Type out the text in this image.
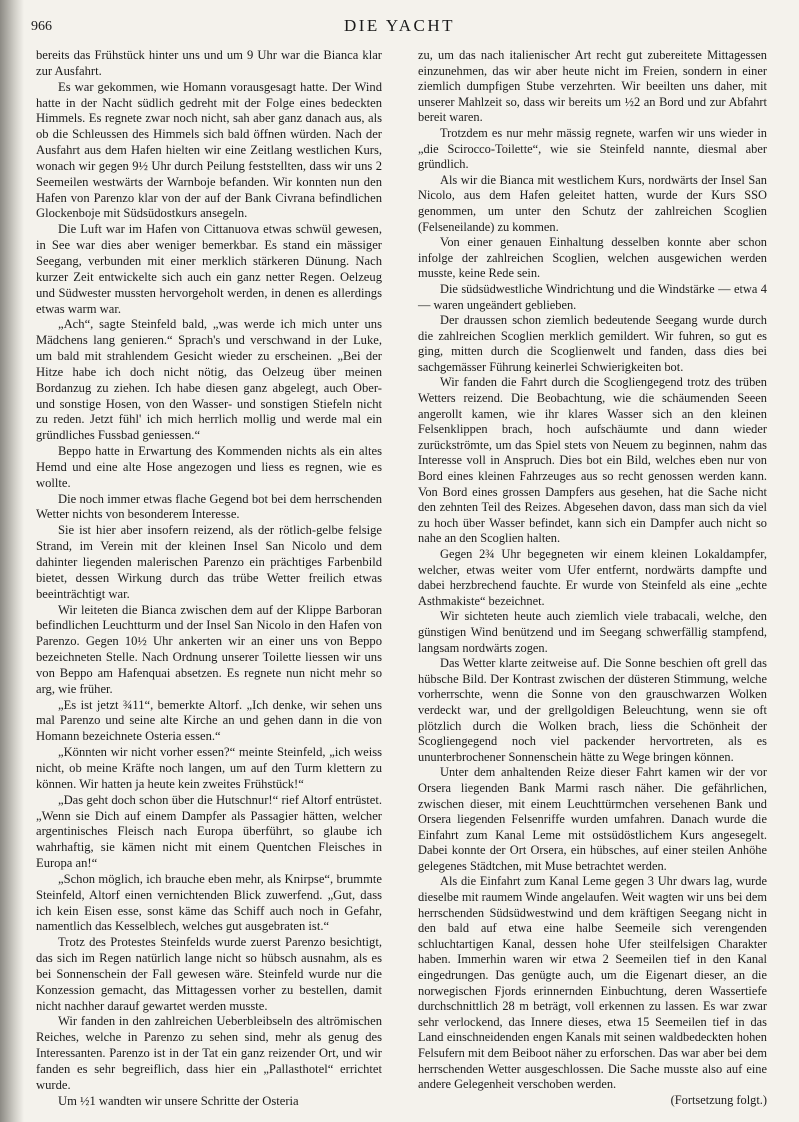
966	DIE YACHT

bereits das Frühstück hinter uns und um 9 Uhr war die Bianca klar zur Ausfahrt.

Es war gekommen, wie Homann vorausgesagt hatte. Der Wind hatte in der Nacht südlich gedreht mit der Folge eines bedeckten Himmels. Es regnete zwar noch nicht, sah aber ganz danach aus, als ob die Schleussen des Himmels sich bald öffnen würden. Nach der Ausfahrt aus dem Hafen hielten wir eine Zeitlang westlichen Kurs, wonach wir gegen 9½ Uhr durch Peilung feststellten, dass wir uns 2 Seemeilen westwärts der Warnboje befanden. Wir konnten nun den Hafen von Parenzo klar von der auf der Bank Civrana befindlichen Glockenboje mit Südsüdostkurs ansegeln.

Die Luft war im Hafen von Cittanuova etwas schwül gewesen, in See war dies aber weniger bemerkbar. Es stand ein mässiger Seegang, verbunden mit einer merklich stärkeren Dünung. Nach kurzer Zeit entwickelte sich auch ein ganz netter Regen. Oelzeug und Südwester mussten hervorgeholt werden, in denen es allerdings etwas warm war.

„Ach“, sagte Steinfeld bald, „was werde ich mich unter uns Mädchens lang genieren.“ Sprach's und verschwand in der Luke, um bald mit strahlendem Gesicht wieder zu erscheinen. „Bei der Hitze habe ich doch nicht nötig, das Oelzeug über meinen Bordanzug zu ziehen. Ich habe diesen ganz abgelegt, auch Ober- und sonstige Hosen, von den Wasser- und sonstigen Stiefeln nicht zu reden. Jetzt fühl' ich mich herrlich mollig und werde mal ein gründliches Fussbad geniessen.“

Beppo hatte in Erwartung des Kommenden nichts als ein altes Hemd und eine alte Hose angezogen und liess es regnen, wie es wollte.

Die noch immer etwas flache Gegend bot bei dem herrschenden Wetter nichts von besonderem Interesse.

Sie ist hier aber insofern reizend, als der rötlich-gelbe felsige Strand, im Verein mit der kleinen Insel San Nicolo und dem dahinter liegenden malerischen Parenzo ein prächtiges Farbenbild bietet, dessen Wirkung durch das trübe Wetter freilich etwas beeinträchtigt war.

Wir leiteten die Bianca zwischen dem auf der Klippe Barboran befindlichen Leuchtturm und der Insel San Nicolo in den Hafen von Parenzo. Gegen 10½ Uhr ankerten wir an einer uns von Beppo bezeichneten Stelle. Nach Ordnung unserer Toilette liessen wir uns von Beppo am Hafenquai absetzen. Es regnete nun nicht mehr so arg, wie früher.

„Es ist jetzt ¾11“, bemerkte Altorf. „Ich denke, wir sehen uns mal Parenzo und seine alte Kirche an und gehen dann in die von Homann bezeichnete Osteria essen.“

„Könnten wir nicht vorher essen?“ meinte Steinfeld, „ich weiss nicht, ob meine Kräfte noch langen, um auf den Turm klettern zu können. Wir hatten ja heute kein zweites Frühstück!“

„Das geht doch schon über die Hutschnur!“ rief Altorf entrüstet. „Wenn sie Dich auf einem Dampfer als Passagier hätten, welcher argentinisches Fleisch nach Europa überführt, so glaube ich wahrhaftig, sie kämen nicht mit einem Quentchen Fleisches in Europa an!“

„Schon möglich, ich brauche eben mehr, als Knirpse“, brummte Steinfeld, Altorf einen vernichtenden Blick zuwerfend. „Gut, dass ich kein Eisen esse, sonst käme das Schiff auch noch in Gefahr, namentlich das Kesselblech, welches gut ausgebraten ist.“

Trotz des Protestes Steinfelds wurde zuerst Parenzo besichtigt, das sich im Regen natürlich lange nicht so hübsch ausnahm, als es bei Sonnenschein der Fall gewesen wäre. Steinfeld wurde nur die Konzession gemacht, das Mittagessen vorher zu bestellen, damit nicht nachher darauf gewartet werden musste.

Wir fanden in den zahlreichen Ueberbleibseln des altrömischen Reiches, welche in Parenzo zu sehen sind, mehr als genug des Interessanten. Parenzo ist in der Tat ein ganz reizender Ort, und wir fanden es sehr begreiflich, dass hier ein „Pallasthotel“ errichtet wurde.

Um ½1 wandten wir unsere Schritte der Osteria

zu, um das nach italienischer Art recht gut zubereitete Mittagessen einzunehmen, das wir aber heute nicht im Freien, sondern in einer ziemlich dumpfigen Stube verzehrten. Wir beeilten uns daher, mit unserer Mahlzeit so, dass wir bereits um ½2 an Bord und zur Abfahrt bereit waren.

Trotzdem es nur mehr mässig regnete, warfen wir uns wieder in „die Scirocco-Toilette“, wie sie Steinfeld nannte, diesmal aber gründlich.

Als wir die Bianca mit westlichem Kurs, nordwärts der Insel San Nicolo, aus dem Hafen geleitet hatten, wurde der Kurs SSO genommen, um unter den Schutz der zahlreichen Scoglien (Felseneilande) zu kommen.

Von einer genauen Einhaltung desselben konnte aber schon infolge der zahlreichen Scoglien, welchen ausgewichen werden musste, keine Rede sein.

Die südsüdwestliche Windrichtung und die Windstärke — etwa 4 — waren ungeändert geblieben.

Der draussen schon ziemlich bedeutende Seegang wurde durch die zahlreichen Scoglien merklich gemildert. Wir fuhren, so gut es ging, mitten durch die Scoglienwelt und fanden, dass dies bei sachgemässer Führung keinerlei Schwierigkeiten bot.

Wir fanden die Fahrt durch die Scogliengegend trotz des trüben Wetters reizend. Die Beobachtung, wie die schäumenden Seeen angerollt kamen, wie ihr klares Wasser sich an den kleinen Felsenklippen brach, hoch aufschäumte und dann wieder zurückströmte, um das Spiel stets von Neuem zu beginnen, nahm das Interesse voll in Anspruch. Dies bot ein Bild, welches eben nur von Bord eines kleinen Fahrzeuges aus so recht genossen werden kann. Von Bord eines grossen Dampfers aus gesehen, hat die Sache nicht den zehnten Teil des Reizes. Abgesehen davon, dass man sich da viel zu hoch über Wasser befindet, kann sich ein Dampfer auch nicht so nahe an den Scoglien halten.

Gegen 2¾ Uhr begegneten wir einem kleinen Lokaldampfer, welcher, etwas weiter vom Ufer entfernt, nordwärts dampfte und dabei herzbrechend fauchte. Er wurde von Steinfeld als eine „echte Asthmakiste“ bezeichnet.

Wir sichteten heute auch ziemlich viele trabacali, welche, den günstigen Wind benützend und im Seegang schwerfällig stampfend, langsam nordwärts zogen.

Das Wetter klarte zeitweise auf. Die Sonne beschien oft grell das hübsche Bild. Der Kontrast zwischen der düsteren Stimmung, welche vorherrschte, wenn die Sonne von den grauschwarzen Wolken verdeckt war, und der grellgoldigen Beleuchtung, wenn sie oft plötzlich durch die Wolken brach, liess die Schönheit der Scogliengegend noch viel packender hervortreten, als es ununterbrochener Sonnenschein hätte zu Wege bringen können.

Unter dem anhaltenden Reize dieser Fahrt kamen wir der vor Orsera liegenden Bank Marmi rasch näher. Die gefährlichen, zwischen dieser, mit einem Leuchttürmchen versehenen Bank und Orsera liegenden Felsenriffe wurden umfahren. Danach wurde die Einfahrt zum Kanal Leme mit ostsüdöstlichem Kurs angesegelt. Dabei konnte der Ort Orsera, ein hübsches, auf einer steilen Anhöhe gelegenes Städtchen, mit Muse betrachtet werden.

Als die Einfahrt zum Kanal Leme gegen 3 Uhr dwars lag, wurde dieselbe mit raumem Winde angelaufen. Weit wagten wir uns bei dem herrschenden Südsüdwestwind und dem kräftigen Seegang nicht in den bald auf etwa eine halbe Seemeile sich verengenden schluchtartigen Kanal, dessen hohe Ufer steilfelsigen Charakter haben. Immerhin waren wir etwa 2 Seemeilen tief in den Kanal eingedrungen. Das genügte auch, um die Eigenart dieser, an die norwegischen Fjords erinnernden Einbuchtung, deren Wassertiefe durchschnittlich 28 m beträgt, voll erkennen zu lassen. Es war zwar sehr verlockend, das Innere dieses, etwa 15 Seemeilen tief in das Land einschneidenden engen Kanals mit seinen waldbedeckten hohen Felsufern mit dem Beiboot näher zu erforschen. Das war aber bei dem herrschenden Wetter ausgeschlossen. Die Sache musste also auf eine andere Gelegenheit verschoben werden.

(Fortsetzung folgt.)
